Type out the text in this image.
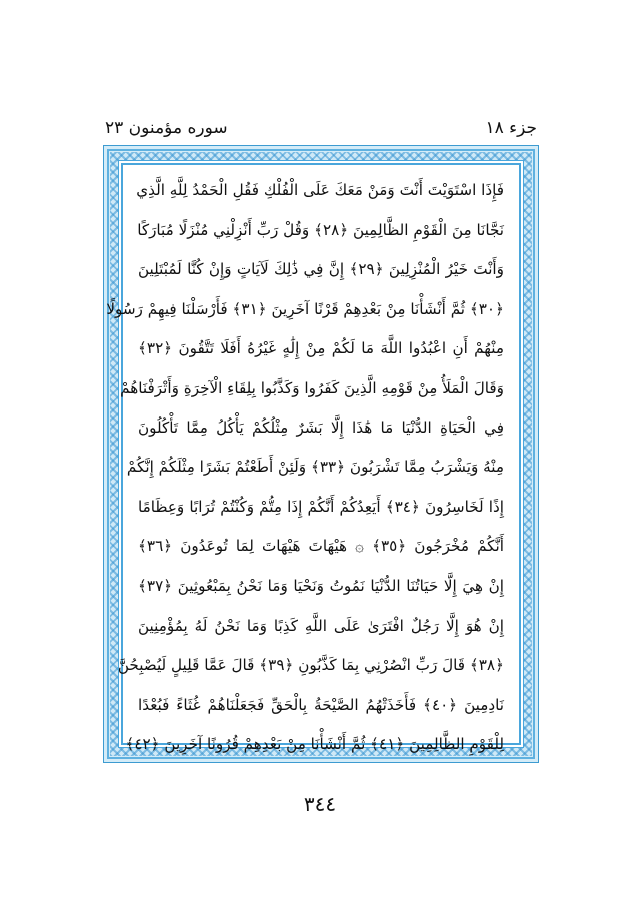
جزء ١٨
سوره مؤمنون ٢٣
فَإِذَا اسْتَوَيْتَ أَنْتَ وَمَنْ مَعَكَ عَلَى الْفُلْكِ فَقُلِ الْحَمْدُ لِلَّهِ الَّذِي
نَجَّانَا مِنَ الْقَوْمِ الظَّالِمِينَ ﴿٢٨﴾ وَقُلْ رَبِّ أَنْزِلْنِي مُنْزَلًا مُبَارَكًا
وَأَنْتَ خَيْرُ الْمُنْزِلِينَ ﴿٢٩﴾ إِنَّ فِي ذَٰلِكَ لَآيَاتٍ وَإِنْ كُنَّا لَمُبْتَلِينَ
﴿٣٠﴾ ثُمَّ أَنْشَأْنَا مِنْ بَعْدِهِمْ قَرْنًا آخَرِينَ ﴿٣١﴾ فَأَرْسَلْنَا فِيهِمْ رَسُولًا
مِنْهُمْ أَنِ اعْبُدُوا اللَّهَ مَا لَكُمْ مِنْ إِلَٰهٍ غَيْرُهُ أَفَلَا تَتَّقُونَ ﴿٣٢﴾
وَقَالَ الْمَلَأُ مِنْ قَوْمِهِ الَّذِينَ كَفَرُوا وَكَذَّبُوا بِلِقَاءِ الْآخِرَةِ وَأَتْرَفْنَاهُمْ
فِي الْحَيَاةِ الدُّنْيَا مَا هَٰذَا إِلَّا بَشَرٌ مِثْلُكُمْ يَأْكُلُ مِمَّا تَأْكُلُونَ
مِنْهُ وَيَشْرَبُ مِمَّا تَشْرَبُونَ ﴿٣٣﴾ وَلَئِنْ أَطَعْتُمْ بَشَرًا مِثْلَكُمْ إِنَّكُمْ
إِذًا لَخَاسِرُونَ ﴿٣٤﴾ أَيَعِدُكُمْ أَنَّكُمْ إِذَا مِتُّمْ وَكُنْتُمْ تُرَابًا وَعِظَامًا
أَنَّكُمْ مُخْرَجُونَ ﴿٣٥﴾ ۞ هَيْهَاتَ هَيْهَاتَ لِمَا تُوعَدُونَ ﴿٣٦﴾
إِنْ هِيَ إِلَّا حَيَاتُنَا الدُّنْيَا نَمُوتُ وَنَحْيَا وَمَا نَحْنُ بِمَبْعُوثِينَ ﴿٣٧﴾
إِنْ هُوَ إِلَّا رَجُلٌ افْتَرَىٰ عَلَى اللَّهِ كَذِبًا وَمَا نَحْنُ لَهُ بِمُؤْمِنِينَ
﴿٣٨﴾ قَالَ رَبِّ انْصُرْنِي بِمَا كَذَّبُونِ ﴿٣٩﴾ قَالَ عَمَّا قَلِيلٍ لَيُصْبِحُنَّ
نَادِمِينَ ﴿٤٠﴾ فَأَخَذَتْهُمُ الصَّيْحَةُ بِالْحَقِّ فَجَعَلْنَاهُمْ غُثَاءً فَبُعْدًا
لِلْقَوْمِ الظَّالِمِينَ ﴿٤١﴾ ثُمَّ أَنْشَأْنَا مِنْ بَعْدِهِمْ قُرُونًا آخَرِينَ ﴿٤٢﴾
٣٤٤
